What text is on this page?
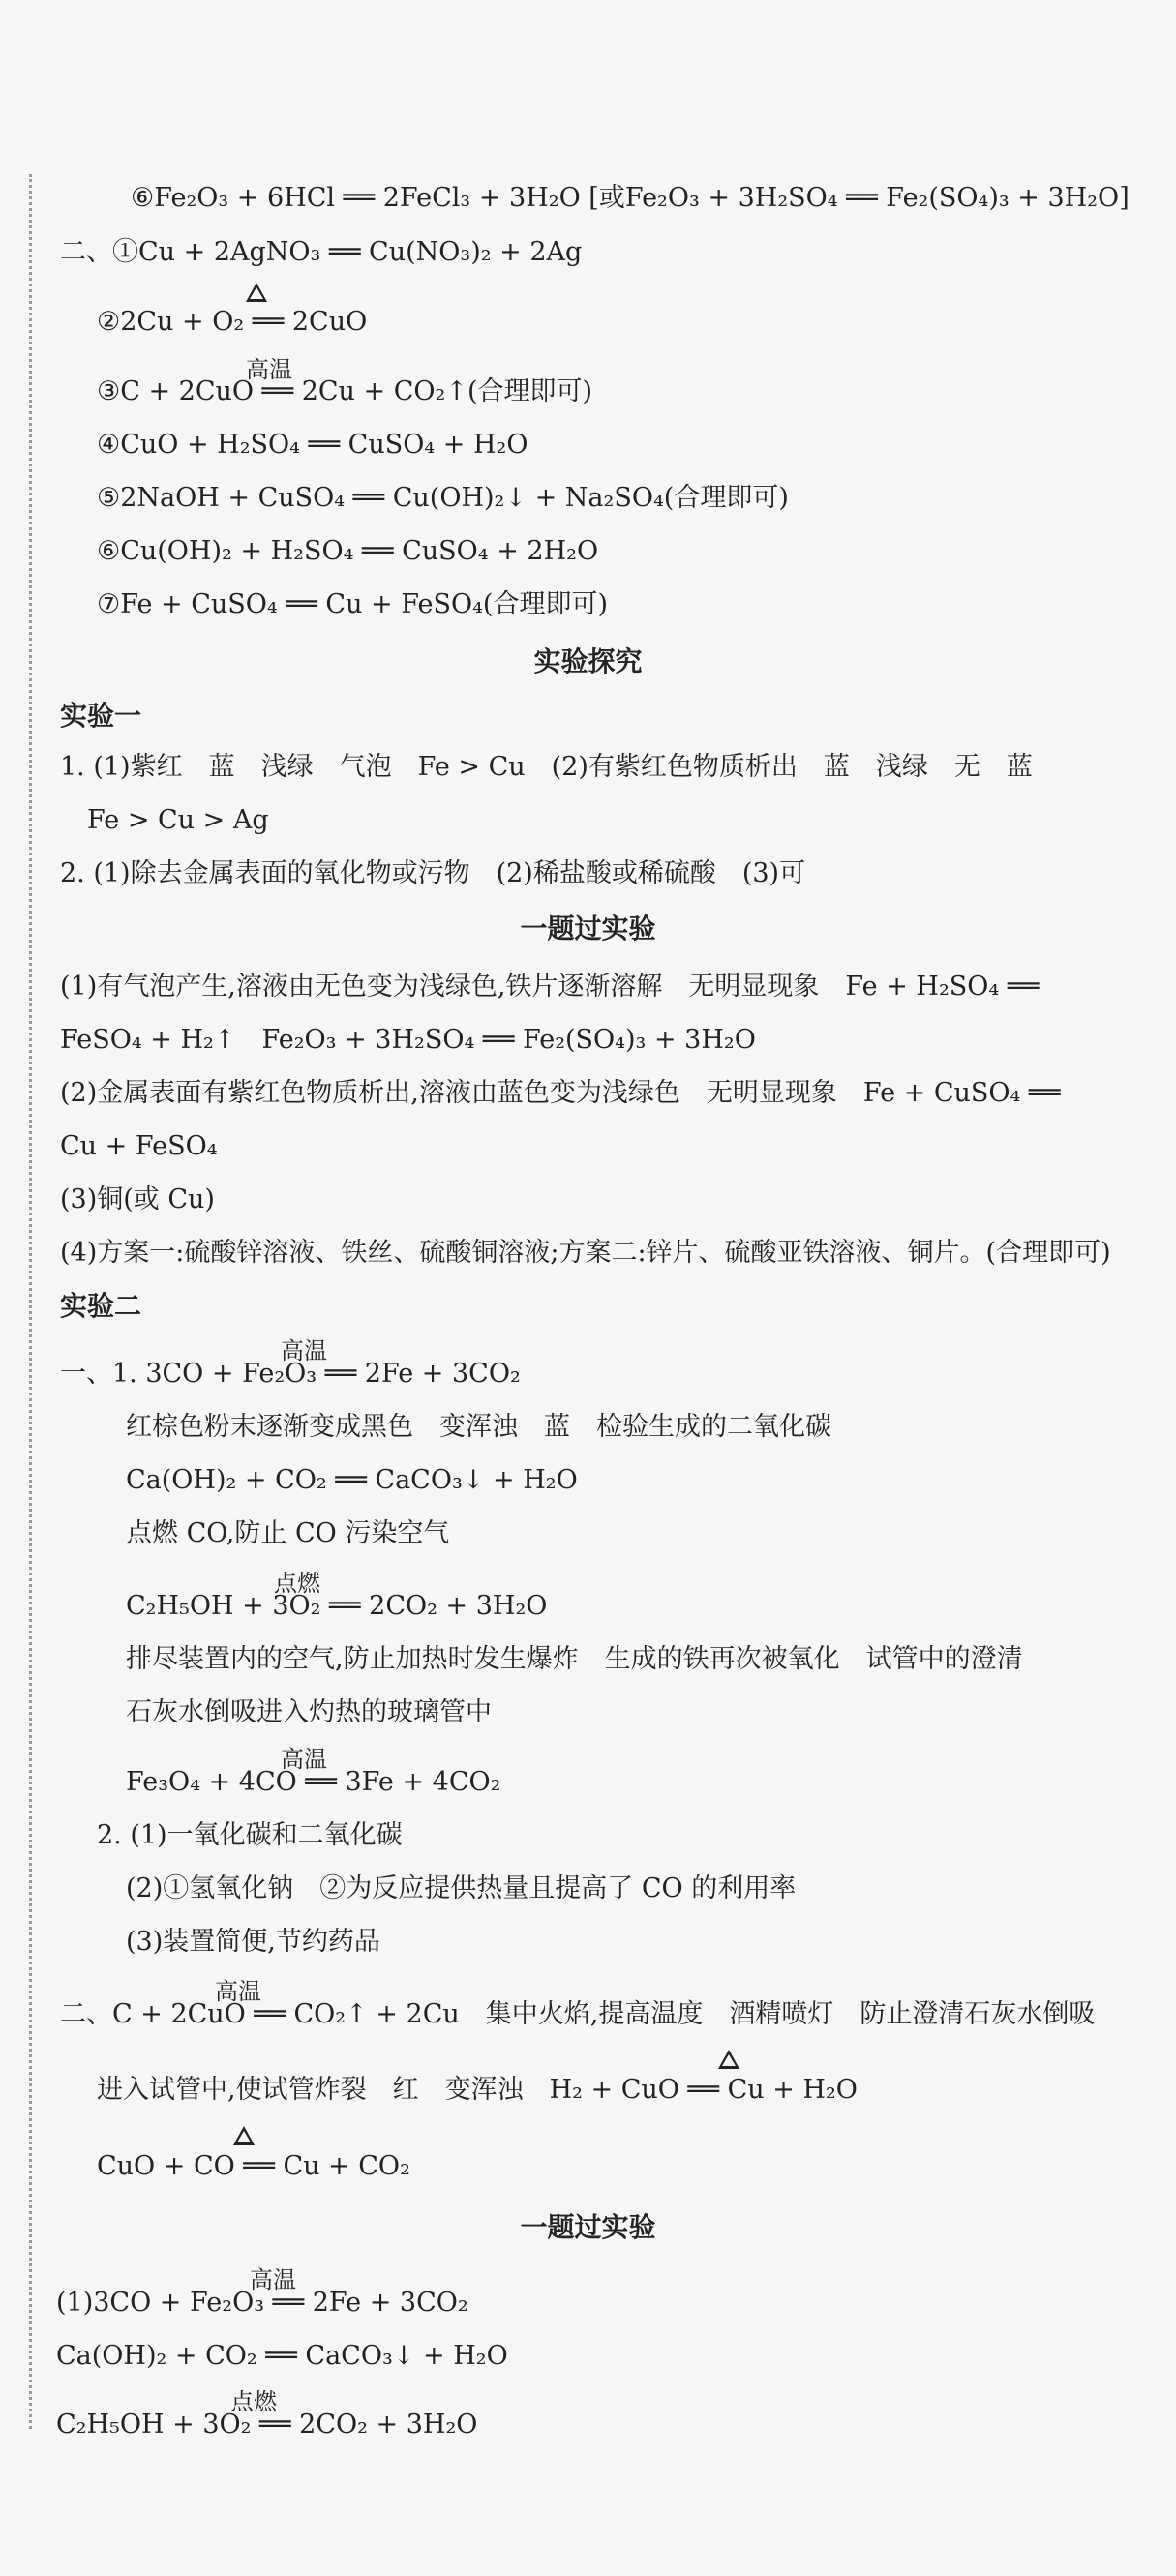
⑥Fe₂O₃ + 6HCl ══ 2FeCl₃ + 3H₂O [或Fe₂O₃ + 3H₂SO₄ ══ Fe₂(SO₄)₃ + 3H₂O]
二、①Cu + 2AgNO₃ ══ Cu(NO₃)₂ + 2Ag
②2Cu + O₂ ══ 2CuO
高温
③C + 2CuO ══ 2Cu + CO₂↑(合理即可)
④CuO + H₂SO₄ ══ CuSO₄ + H₂O
⑤2NaOH + CuSO₄ ══ Cu(OH)₂↓ + Na₂SO₄(合理即可)
⑥Cu(OH)₂ + H₂SO₄ ══ CuSO₄ + 2H₂O
⑦Fe + CuSO₄ ══ Cu + FeSO₄(合理即可)
实验探究
实验一
1. (1)紫红　蓝　浅绿　气泡　Fe > Cu　(2)有紫红色物质析出　蓝　浅绿　无　蓝
Fe > Cu > Ag
2. (1)除去金属表面的氧化物或污物　(2)稀盐酸或稀硫酸　(3)可
一题过实验
(1)有气泡产生,溶液由无色变为浅绿色,铁片逐渐溶解　无明显现象　Fe + H₂SO₄ ══
FeSO₄ + H₂↑　Fe₂O₃ + 3H₂SO₄ ══ Fe₂(SO₄)₃ + 3H₂O
(2)金属表面有紫红色物质析出,溶液由蓝色变为浅绿色　无明显现象　Fe + CuSO₄ ══
Cu + FeSO₄
(3)铜(或 Cu)
(4)方案一:硫酸锌溶液、铁丝、硫酸铜溶液;方案二:锌片、硫酸亚铁溶液、铜片。(合理即可)
实验二
高温
一、1. 3CO + Fe₂O₃ ══ 2Fe + 3CO₂
红棕色粉末逐渐变成黑色　变浑浊　蓝　检验生成的二氧化碳
Ca(OH)₂ + CO₂ ══ CaCO₃↓ + H₂O
点燃 CO,防止 CO 污染空气
点燃
C₂H₅OH + 3O₂ ══ 2CO₂ + 3H₂O
排尽装置内的空气,防止加热时发生爆炸　生成的铁再次被氧化　试管中的澄清
石灰水倒吸进入灼热的玻璃管中
高温
Fe₃O₄ + 4CO ══ 3Fe + 4CO₂
2. (1)一氧化碳和二氧化碳
(2)①氢氧化钠　②为反应提供热量且提高了 CO 的利用率
(3)装置简便,节约药品
高温
二、C + 2CuO ══ CO₂↑ + 2Cu　集中火焰,提高温度　酒精喷灯　防止澄清石灰水倒吸
进入试管中,使试管炸裂　红　变浑浊　H₂ + CuO ══ Cu + H₂O
CuO + CO ══ Cu + CO₂
一题过实验
高温
(1)3CO + Fe₂O₃ ══ 2Fe + 3CO₂
Ca(OH)₂ + CO₂ ══ CaCO₃↓ + H₂O
点燃
C₂H₅OH + 3O₂ ══ 2CO₂ + 3H₂O
